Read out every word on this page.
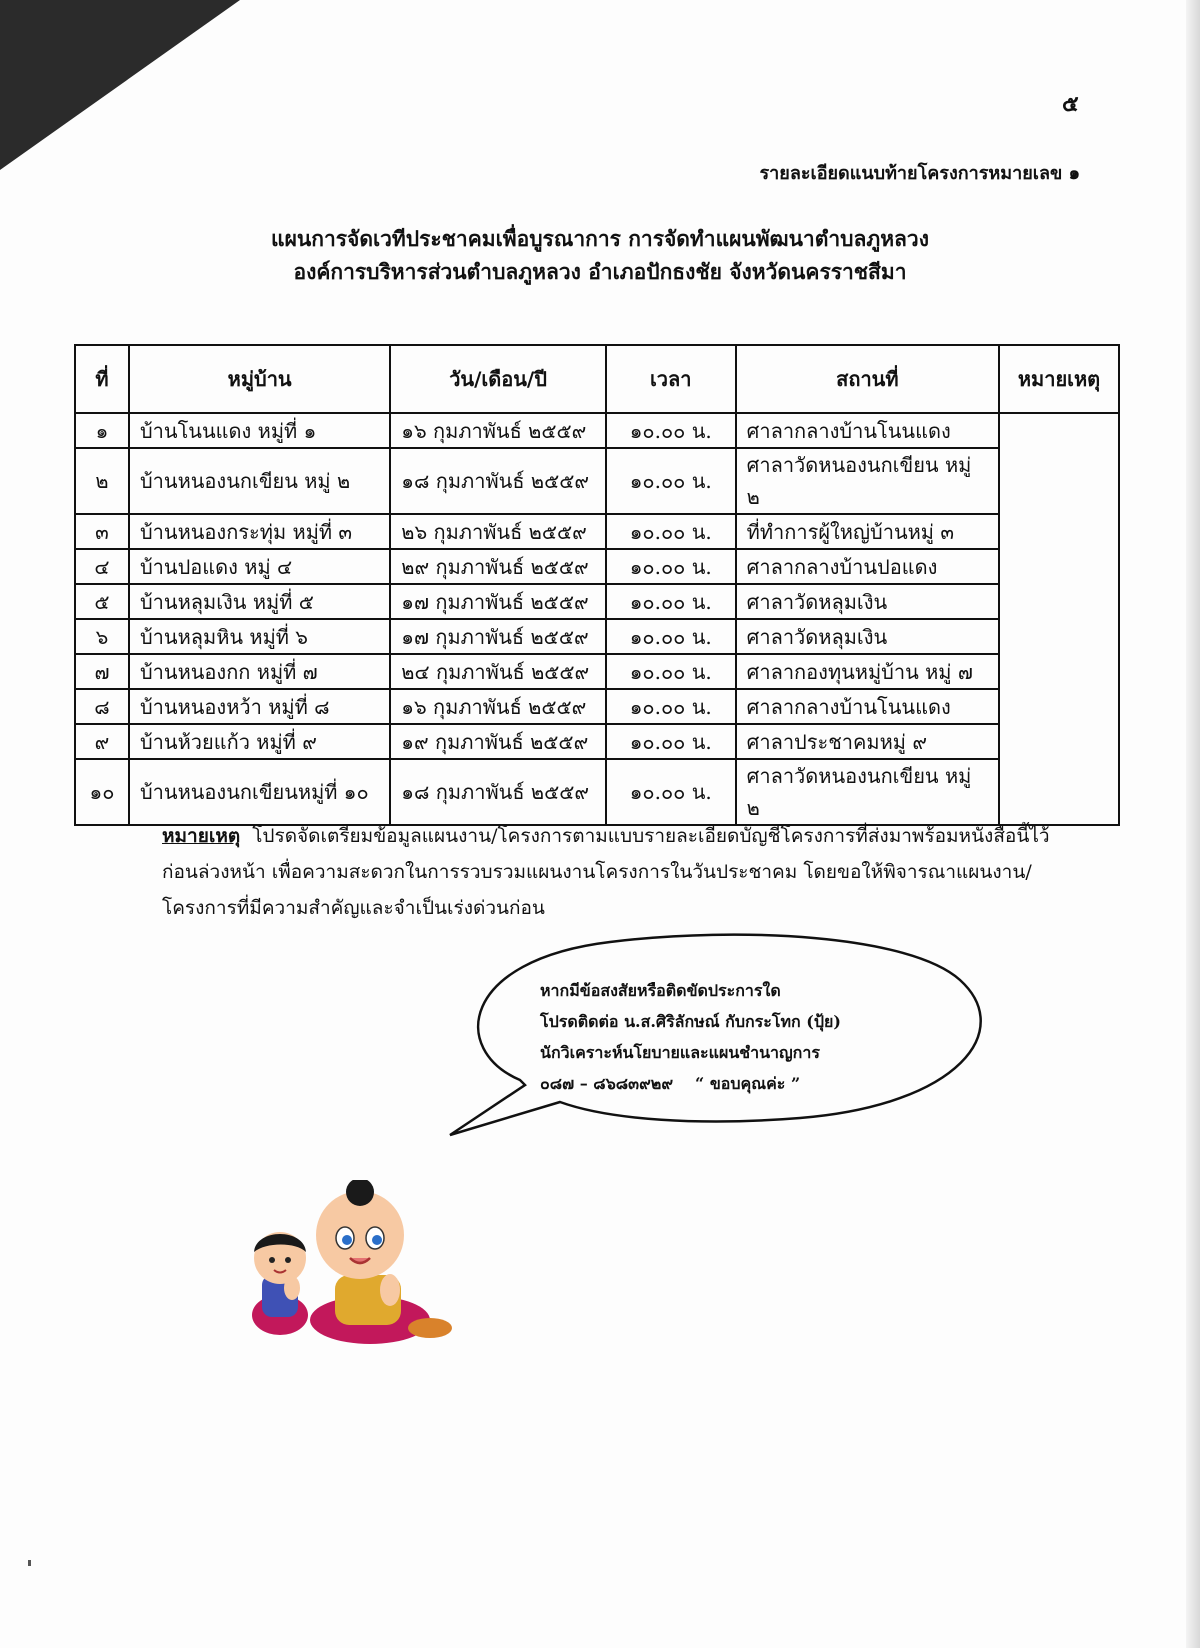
๕
รายละเอียดแนบท้ายโครงการหมายเลข ๑
แผนการจัดเวทีประชาคมเพื่อบูรณาการ การจัดทำแผนพัฒนาตำบลภูหลวง
องค์การบริหารส่วนตำบลภูหลวง อำเภอปักธงชัย จังหวัดนครราชสีมา
ที่	หมู่บ้าน	วัน/เดือน/ปี	เวลา	สถานที่	หมายเหตุ
๑	บ้านโนนแดง หมู่ที่ ๑	๑๖ กุมภาพันธ์ ๒๕๕๙	๑๐.๐๐ น.	ศาลากลางบ้านโนนแดง	
๒	บ้านหนองนกเขียน หมู่ ๒	๑๘ กุมภาพันธ์ ๒๕๕๙	๑๐.๐๐ น.	ศาลาวัดหนองนกเขียน หมู่ ๒	
๓	บ้านหนองกระทุ่ม หมู่ที่ ๓	๒๖ กุมภาพันธ์ ๒๕๕๙	๑๐.๐๐ น.	ที่ทำการผู้ใหญ่บ้านหมู่ ๓	
๔	บ้านปอแดง หมู่ ๔	๒๙ กุมภาพันธ์ ๒๕๕๙	๑๐.๐๐ น.	ศาลากลางบ้านปอแดง	
๕	บ้านหลุมเงิน หมู่ที่ ๕	๑๗ กุมภาพันธ์ ๒๕๕๙	๑๐.๐๐ น.	ศาลาวัดหลุมเงิน	
๖	บ้านหลุมหิน หมู่ที่ ๖	๑๗ กุมภาพันธ์ ๒๕๕๙	๑๐.๐๐ น.	ศาลาวัดหลุมเงิน	
๗	บ้านหนองกก หมู่ที่ ๗	๒๔ กุมภาพันธ์ ๒๕๕๙	๑๐.๐๐ น.	ศาลากองทุนหมู่บ้าน หมู่ ๗	
๘	บ้านหนองหว้า หมู่ที่ ๘	๑๖ กุมภาพันธ์ ๒๕๕๙	๑๐.๐๐ น.	ศาลากลางบ้านโนนแดง	
๙	บ้านห้วยแก้ว หมู่ที่ ๙	๑๙ กุมภาพันธ์ ๒๕๕๙	๑๐.๐๐ น.	ศาลาประชาคมหมู่ ๙	
๑๐	บ้านหนองนกเขียนหมู่ที่ ๑๐	๑๘ กุมภาพันธ์ ๒๕๕๙	๑๐.๐๐ น.	ศาลาวัดหนองนกเขียน หมู่ ๒	
หมายเหตุ โปรดจัดเตรียมข้อมูลแผนงาน/โครงการตามแบบรายละเอียดบัญชีโครงการที่ส่งมาพร้อมหนังสือนี้ไว้
ก่อนล่วงหน้า เพื่อความสะดวกในการรวบรวมแผนงานโครงการในวันประชาคม โดยขอให้พิจารณาแผนงาน/
โครงการที่มีความสำคัญและจำเป็นเร่งด่วนก่อน
หากมีข้อสงสัยหรือติดขัดประการใด
โปรดติดต่อ น.ส.ศิริลักษณ์ กับกระโทก (ปุ้ย)
นักวิเคราะห์นโยบายและแผนชำนาญการ
๐๘๗ – ๘๖๘๓๙๒๙ “ ขอบคุณค่ะ ”
